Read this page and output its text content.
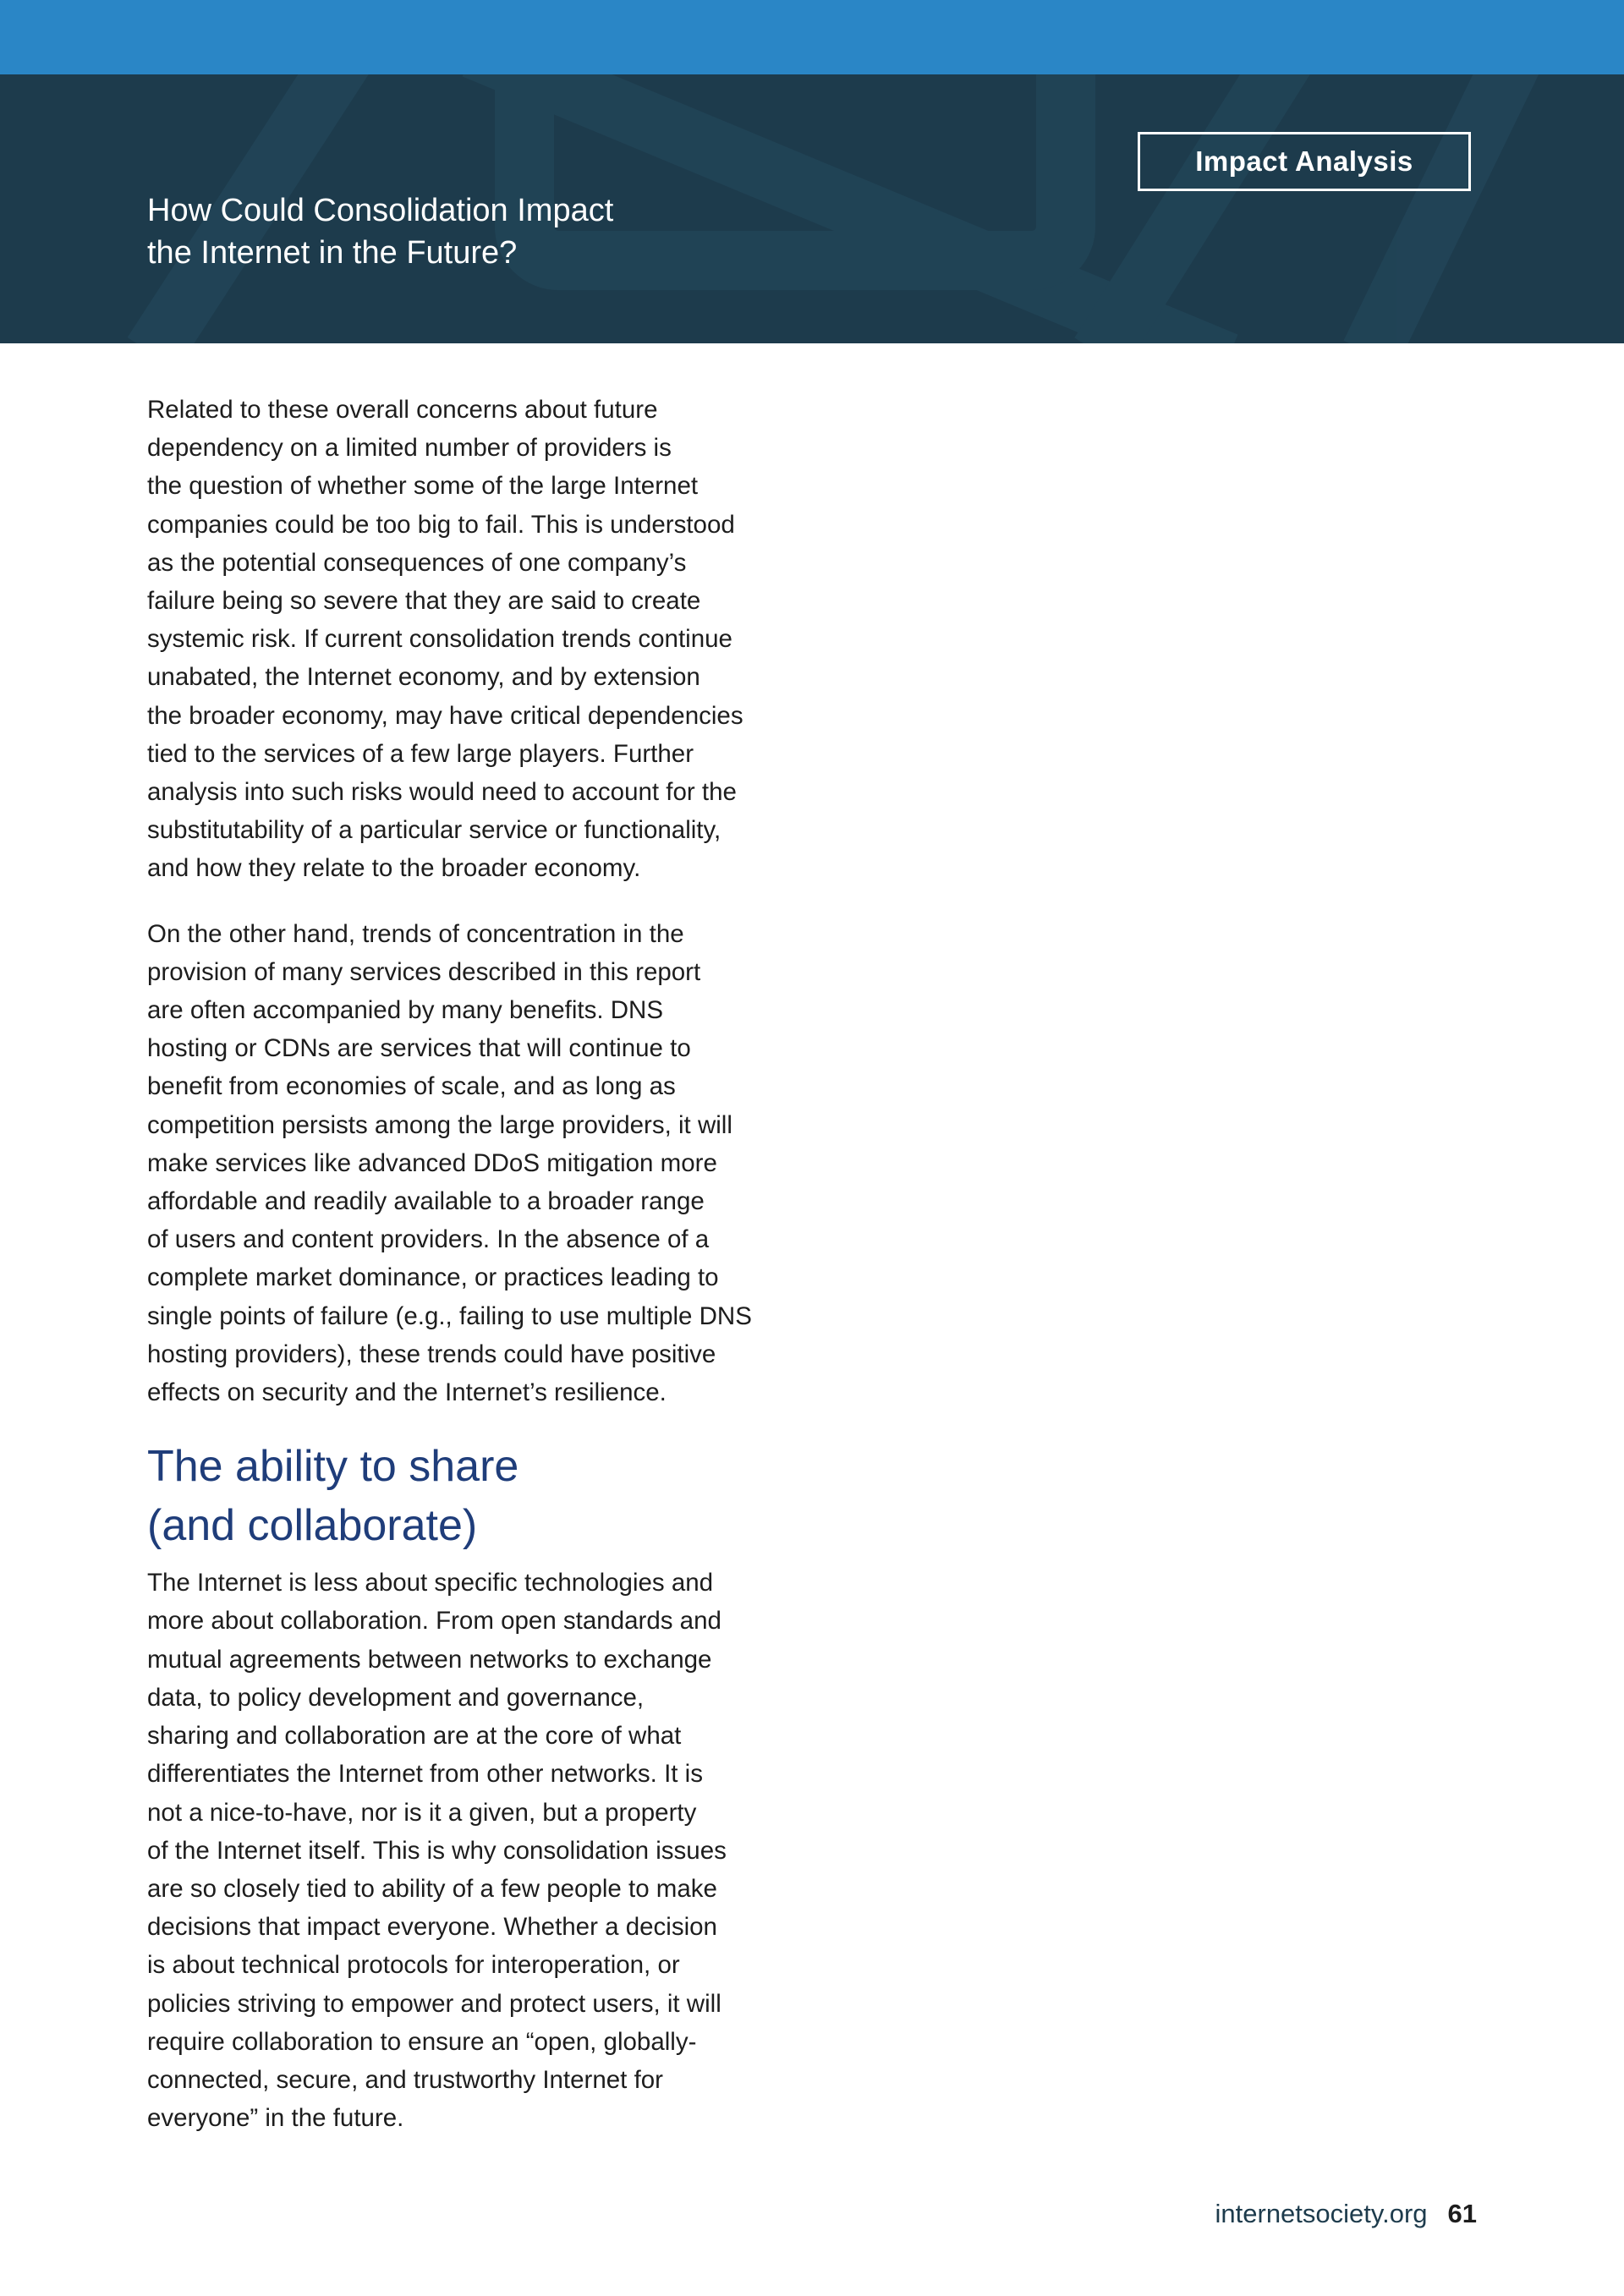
Impact Analysis
How Could Consolidation Impact
the Internet in the Future?

Related to these overall concerns about future
dependency on a limited number of providers is
the question of whether some of the large Internet
companies could be too big to fail. This is understood
as the potential consequences of one company’s
failure being so severe that they are said to create
systemic risk. If current consolidation trends continue
unabated, the Internet economy, and by extension
the broader economy, may have critical dependencies
tied to the services of a few large players. Further
analysis into such risks would need to account for the
substitutability of a particular service or functionality,
and how they relate to the broader economy.

On the other hand, trends of concentration in the
provision of many services described in this report
are often accompanied by many benefits. DNS
hosting or CDNs are services that will continue to
benefit from economies of scale, and as long as
competition persists among the large providers, it will
make services like advanced DDoS mitigation more
affordable and readily available to a broader range
of users and content providers. In the absence of a
complete market dominance, or practices leading to
single points of failure (e.g., failing to use multiple DNS
hosting providers), these trends could have positive
effects on security and the Internet’s resilience.

The ability to share
(and collaborate)

The Internet is less about specific technologies and
more about collaboration. From open standards and
mutual agreements between networks to exchange
data, to policy development and governance,
sharing and collaboration are at the core of what
differentiates the Internet from other networks. It is
not a nice-to-have, nor is it a given, but a property
of the Internet itself. This is why consolidation issues
are so closely tied to ability of a few people to make
decisions that impact everyone. Whether a decision
is about technical protocols for interoperation, or
policies striving to empower and protect users, it will
require collaboration to ensure an “open, globally-
connected, secure, and trustworthy Internet for
everyone” in the future.

internetsociety.org 61
